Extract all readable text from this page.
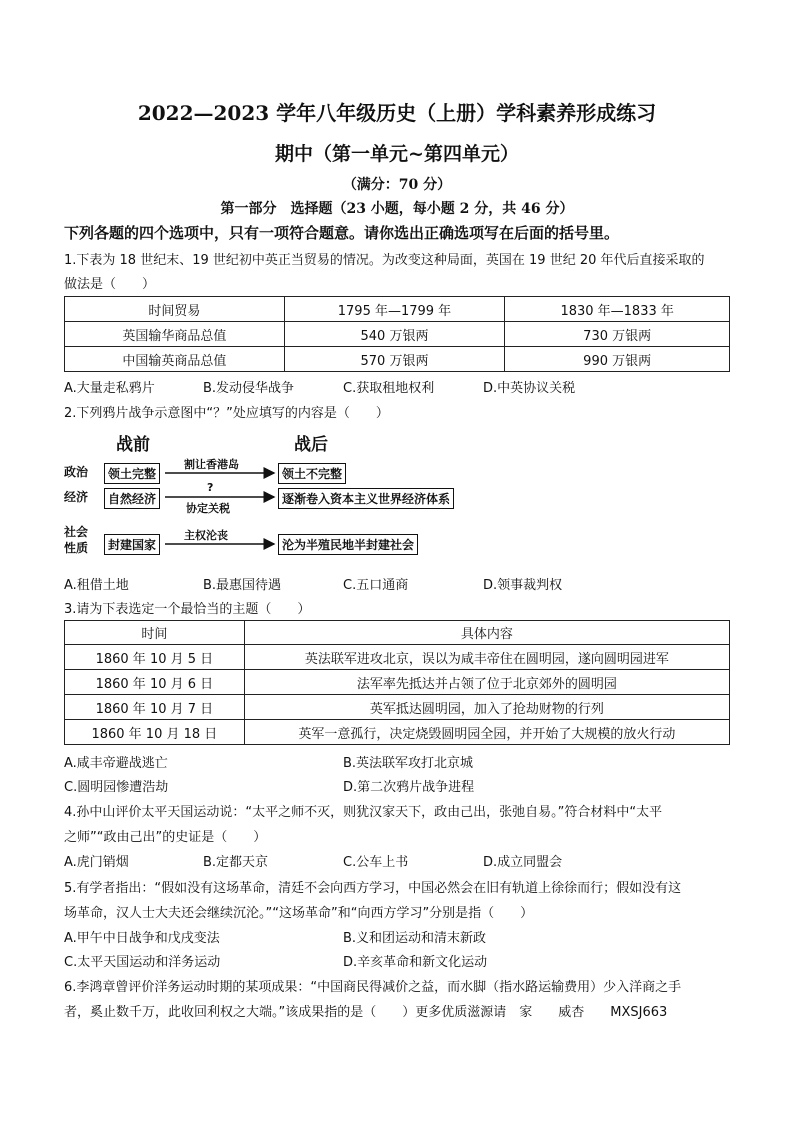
2022—2023 学年八年级历史（上册）学科素养形成练习
期中（第一单元~第四单元）
（满分：70 分）
第一部分　选择题（23 小题，每小题 2 分，共 46 分）
下列各题的四个选项中，只有一项符合题意。请你选出正确选项写在后面的括号里。
1.下表为 18 世纪末、19 世纪初中英正当贸易的情况。为改变这种局面，英国在 19 世纪 20 年代后直接采取的
做法是（　　）
时间贸易	1795 年—1799 年	1830 年—1833 年
英国输华商品总值	540 万银两	730 万银两
中国输英商品总值	570 万银两	990 万银两
A.大量走私鸦片	B.发动侵华战争	C.获取租地权利	D.中英协议关税
2.下列鸦片战争示意图中“？”处应填写的内容是（　　）
战前	战后
政治
经济
社会
性质
领土完整
自然经济
封建国家
割让香港岛
?
协定关税
主权沦丧
领土不完整
逐渐卷入资本主义世界经济体系
沦为半殖民地半封建社会
A.租借土地	B.最惠国待遇	C.五口通商	D.领事裁判权
3.请为下表选定一个最恰当的主题（　　）
时间	具体内容
1860 年 10 月 5 日	英法联军进攻北京，误以为咸丰帝住在圆明园，遂向圆明园进军
1860 年 10 月 6 日	法军率先抵达并占领了位于北京郊外的圆明园
1860 年 10 月 7 日	英军抵达圆明园，加入了抢劫财物的行列
1860 年 10 月 18 日	英军一意孤行，决定烧毁圆明园全园，并开始了大规模的放火行动
A.咸丰帝避战逃亡	B.英法联军攻打北京城
C.圆明园惨遭浩劫	D.第二次鸦片战争进程
4.孙中山评价太平天国运动说：“太平之师不灭，则犹汉家天下，政由己出，张弛自易。”符合材料中“太平
之师”“政由己出”的史证是（　　）
A.虎门销烟	B.定都天京	C.公车上书	D.成立同盟会
5.有学者指出：“假如没有这场革命，清廷不会向西方学习，中国必然会在旧有轨道上徐徐而行；假如没有这
场革命，汉人士大夫还会继续沉沦。”“这场革命”和“向西方学习”分别是指（　　）
A.甲午中日战争和戊戌变法	B.义和团运动和清末新政
C.太平天国运动和洋务运动	D.辛亥革命和新文化运动
6.李鸿章曾评价洋务运动时期的某项成果：“中国商民得减价之益，而水脚（指水路运输费用）少入洋商之手
者，奚止数千万，此收回利权之大端。”该成果指的是（　　）更多优质滋源请　家　　威杏　　MXSJ663
